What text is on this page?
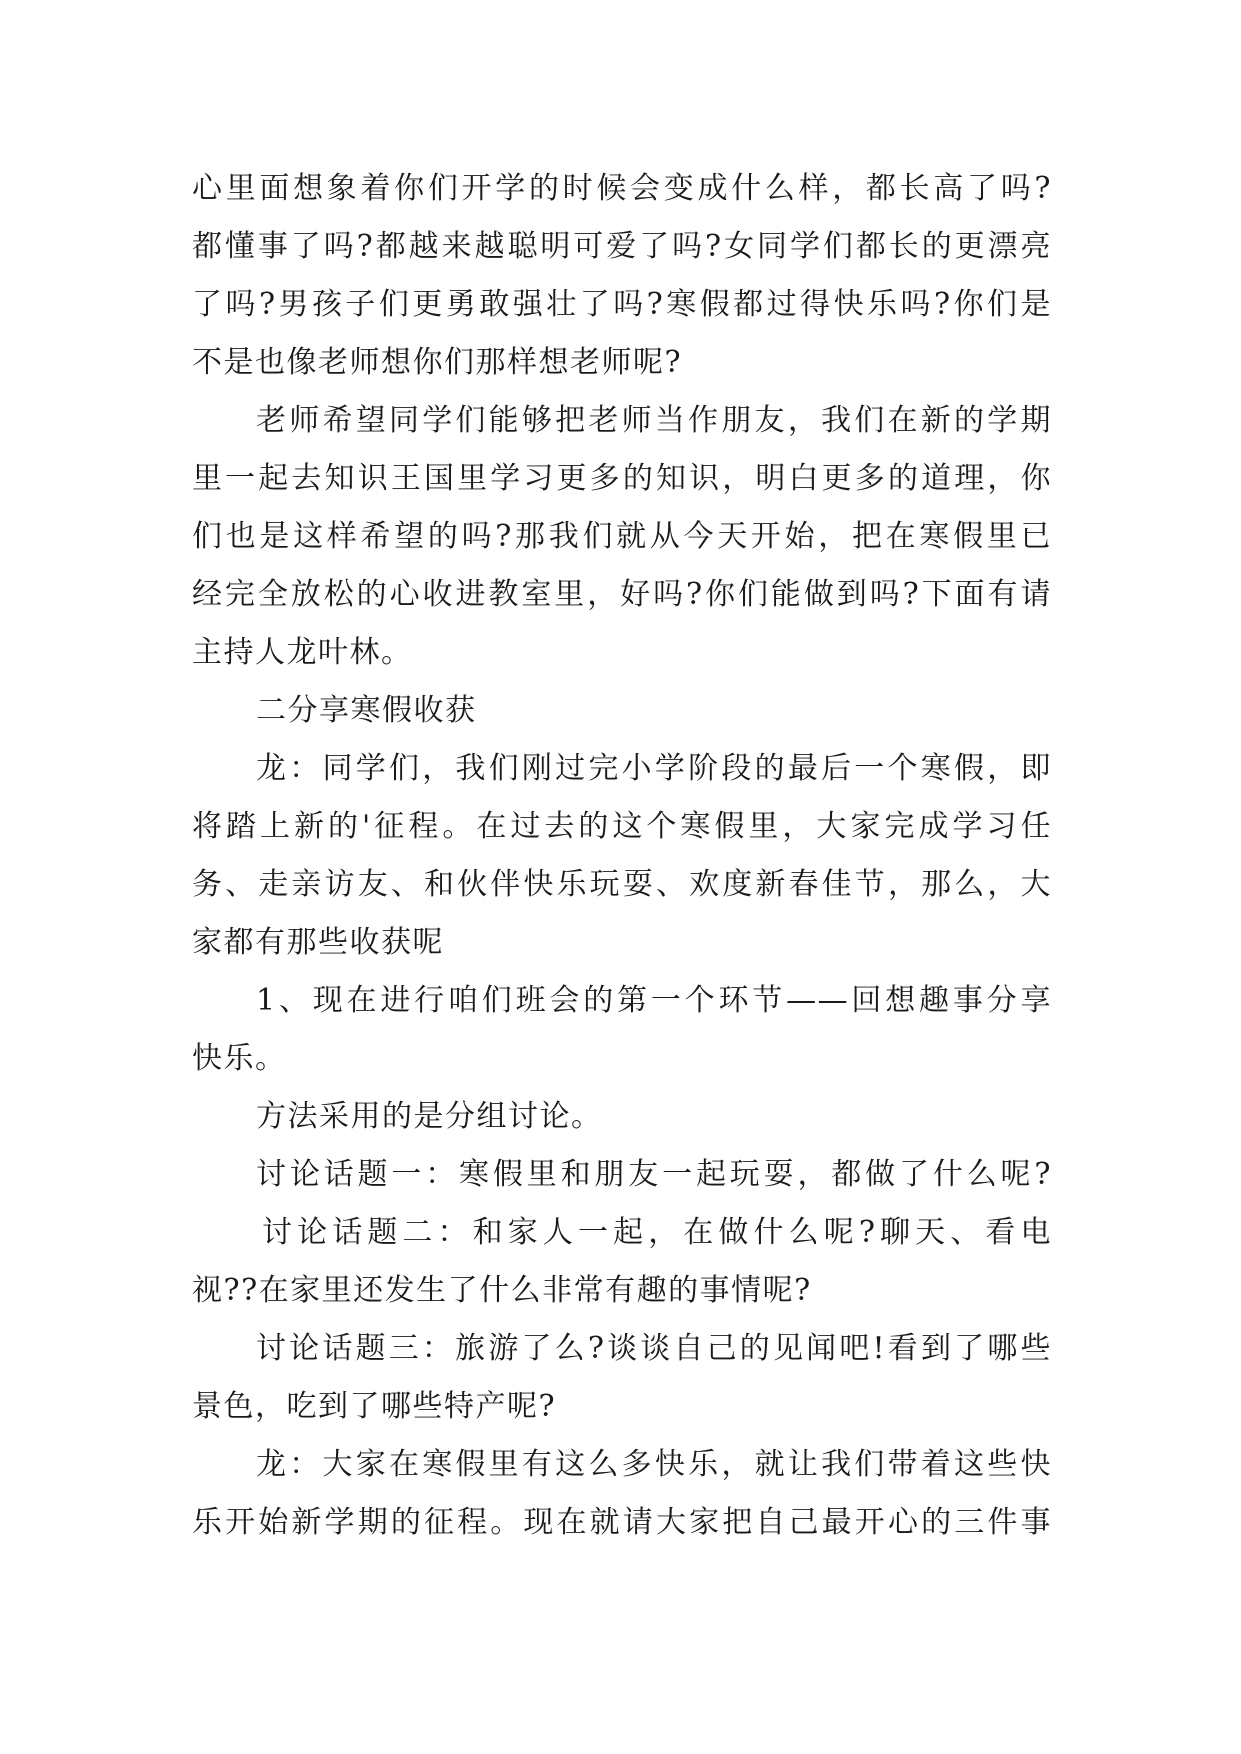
心里面想象着你们开学的时候会变成什么样，都长高了吗?
都懂事了吗?都越来越聪明可爱了吗?女同学们都长的更漂亮
了吗?男孩子们更勇敢强壮了吗?寒假都过得快乐吗?你们是
不是也像老师想你们那样想老师呢?
老师希望同学们能够把老师当作朋友，我们在新的学期
里一起去知识王国里学习更多的知识，明白更多的道理，你
们也是这样希望的吗?那我们就从今天开始，把在寒假里已
经完全放松的心收进教室里，好吗?你们能做到吗?下面有请
主持人龙叶林。
二分享寒假收获
龙：同学们，我们刚过完小学阶段的最后一个寒假，即
将踏上新的'征程。在过去的这个寒假里，大家完成学习任
务、走亲访友、和伙伴快乐玩耍、欢度新春佳节，那么，大
家都有那些收获呢
1、现在进行咱们班会的第一个环节——回想趣事分享
快乐。
方法采用的是分组讨论。
讨论话题一：寒假里和朋友一起玩耍，都做了什么呢?
讨论话题二：和家人一起，在做什么呢?聊天、看电
视??在家里还发生了什么非常有趣的事情呢?
讨论话题三：旅游了么?谈谈自己的见闻吧!看到了哪些
景色，吃到了哪些特产呢?
龙：大家在寒假里有这么多快乐，就让我们带着这些快
乐开始新学期的征程。现在就请大家把自己最开心的三件事
